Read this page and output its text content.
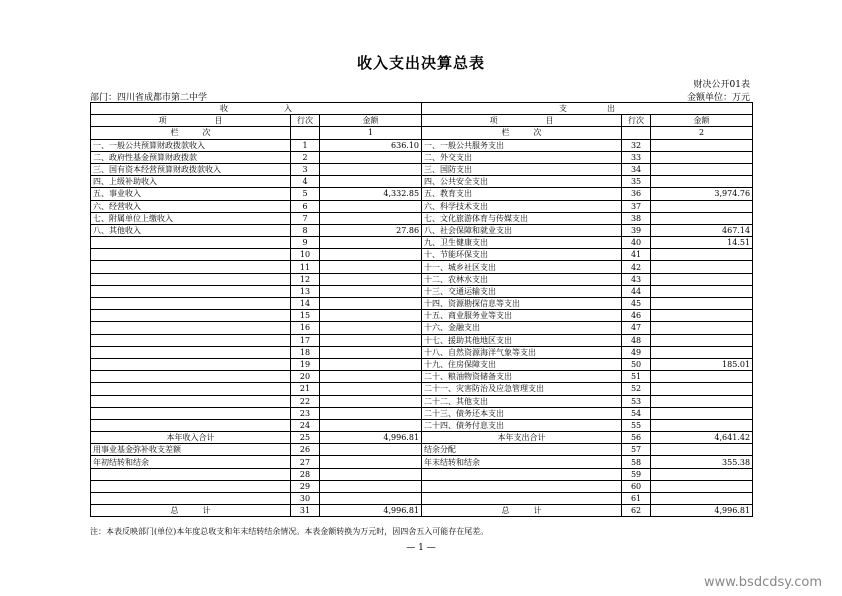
收入支出决算总表
财决公开01表
部门：四川省成都市第二中学	金额单位：万元
收　　　　　　　入			支　　　　　出		
项　　　　　　目	行次	金额	项　　　　　　目	行次	金额
栏　　　次		1	栏　　　次		2
一、一般公共预算财政拨款收入	1	636.10	一、一般公共服务支出	32	
二、政府性基金预算财政拨款	2		二、外交支出	33	
三、国有资本经营预算财政拨款收入	3		三、国防支出	34	
四、上级补助收入	4		四、公共安全支出	35	
五、事业收入	5	4,332.85	五、教育支出	36	3,974.76
六、经营收入	6		六、科学技术支出	37	
七、附属单位上缴收入	7		七、文化旅游体育与传媒支出	38	
八、其他收入	8	27.86	八、社会保障和就业支出	39	467.14
	9		九、卫生健康支出	40	14.51
	10		十、节能环保支出	41	
	11		十一、城乡社区支出	42	
	12		十二、农林水支出	43	
	13		十三、交通运输支出	44	
	14		十四、资源勘探信息等支出	45	
	15		十五、商业服务业等支出	46	
	16		十六、金融支出	47	
	17		十七、援助其他地区支出	48	
	18		十八、自然资源海洋气象等支出	49	
	19		十九、住房保障支出	50	185.01
	20		二十、粮油物资储备支出	51	
	21		二十一、灾害防治及应急管理支出	52	
	22		二十二、其他支出	53	
	23		二十三、债务还本支出	54	
	24		二十四、债务付息支出	55	
本年收入合计	25	4,996.81	本年支出合计	56	4,641.42
用事业基金弥补收支差额	26		结余分配	57	
年初结转和结余	27		年末结转和结余	58	355.38
	28			59	
	29			60	
	30			61	
总　　　计	31	4,996.81	总　　　计	62	4,996.81
注：本表反映部门(单位)本年度总收支和年末结转结余情况。本表金额转换为万元时，因四舍五入可能存在尾差。
— 1 —
www.bsdcdsy.com
